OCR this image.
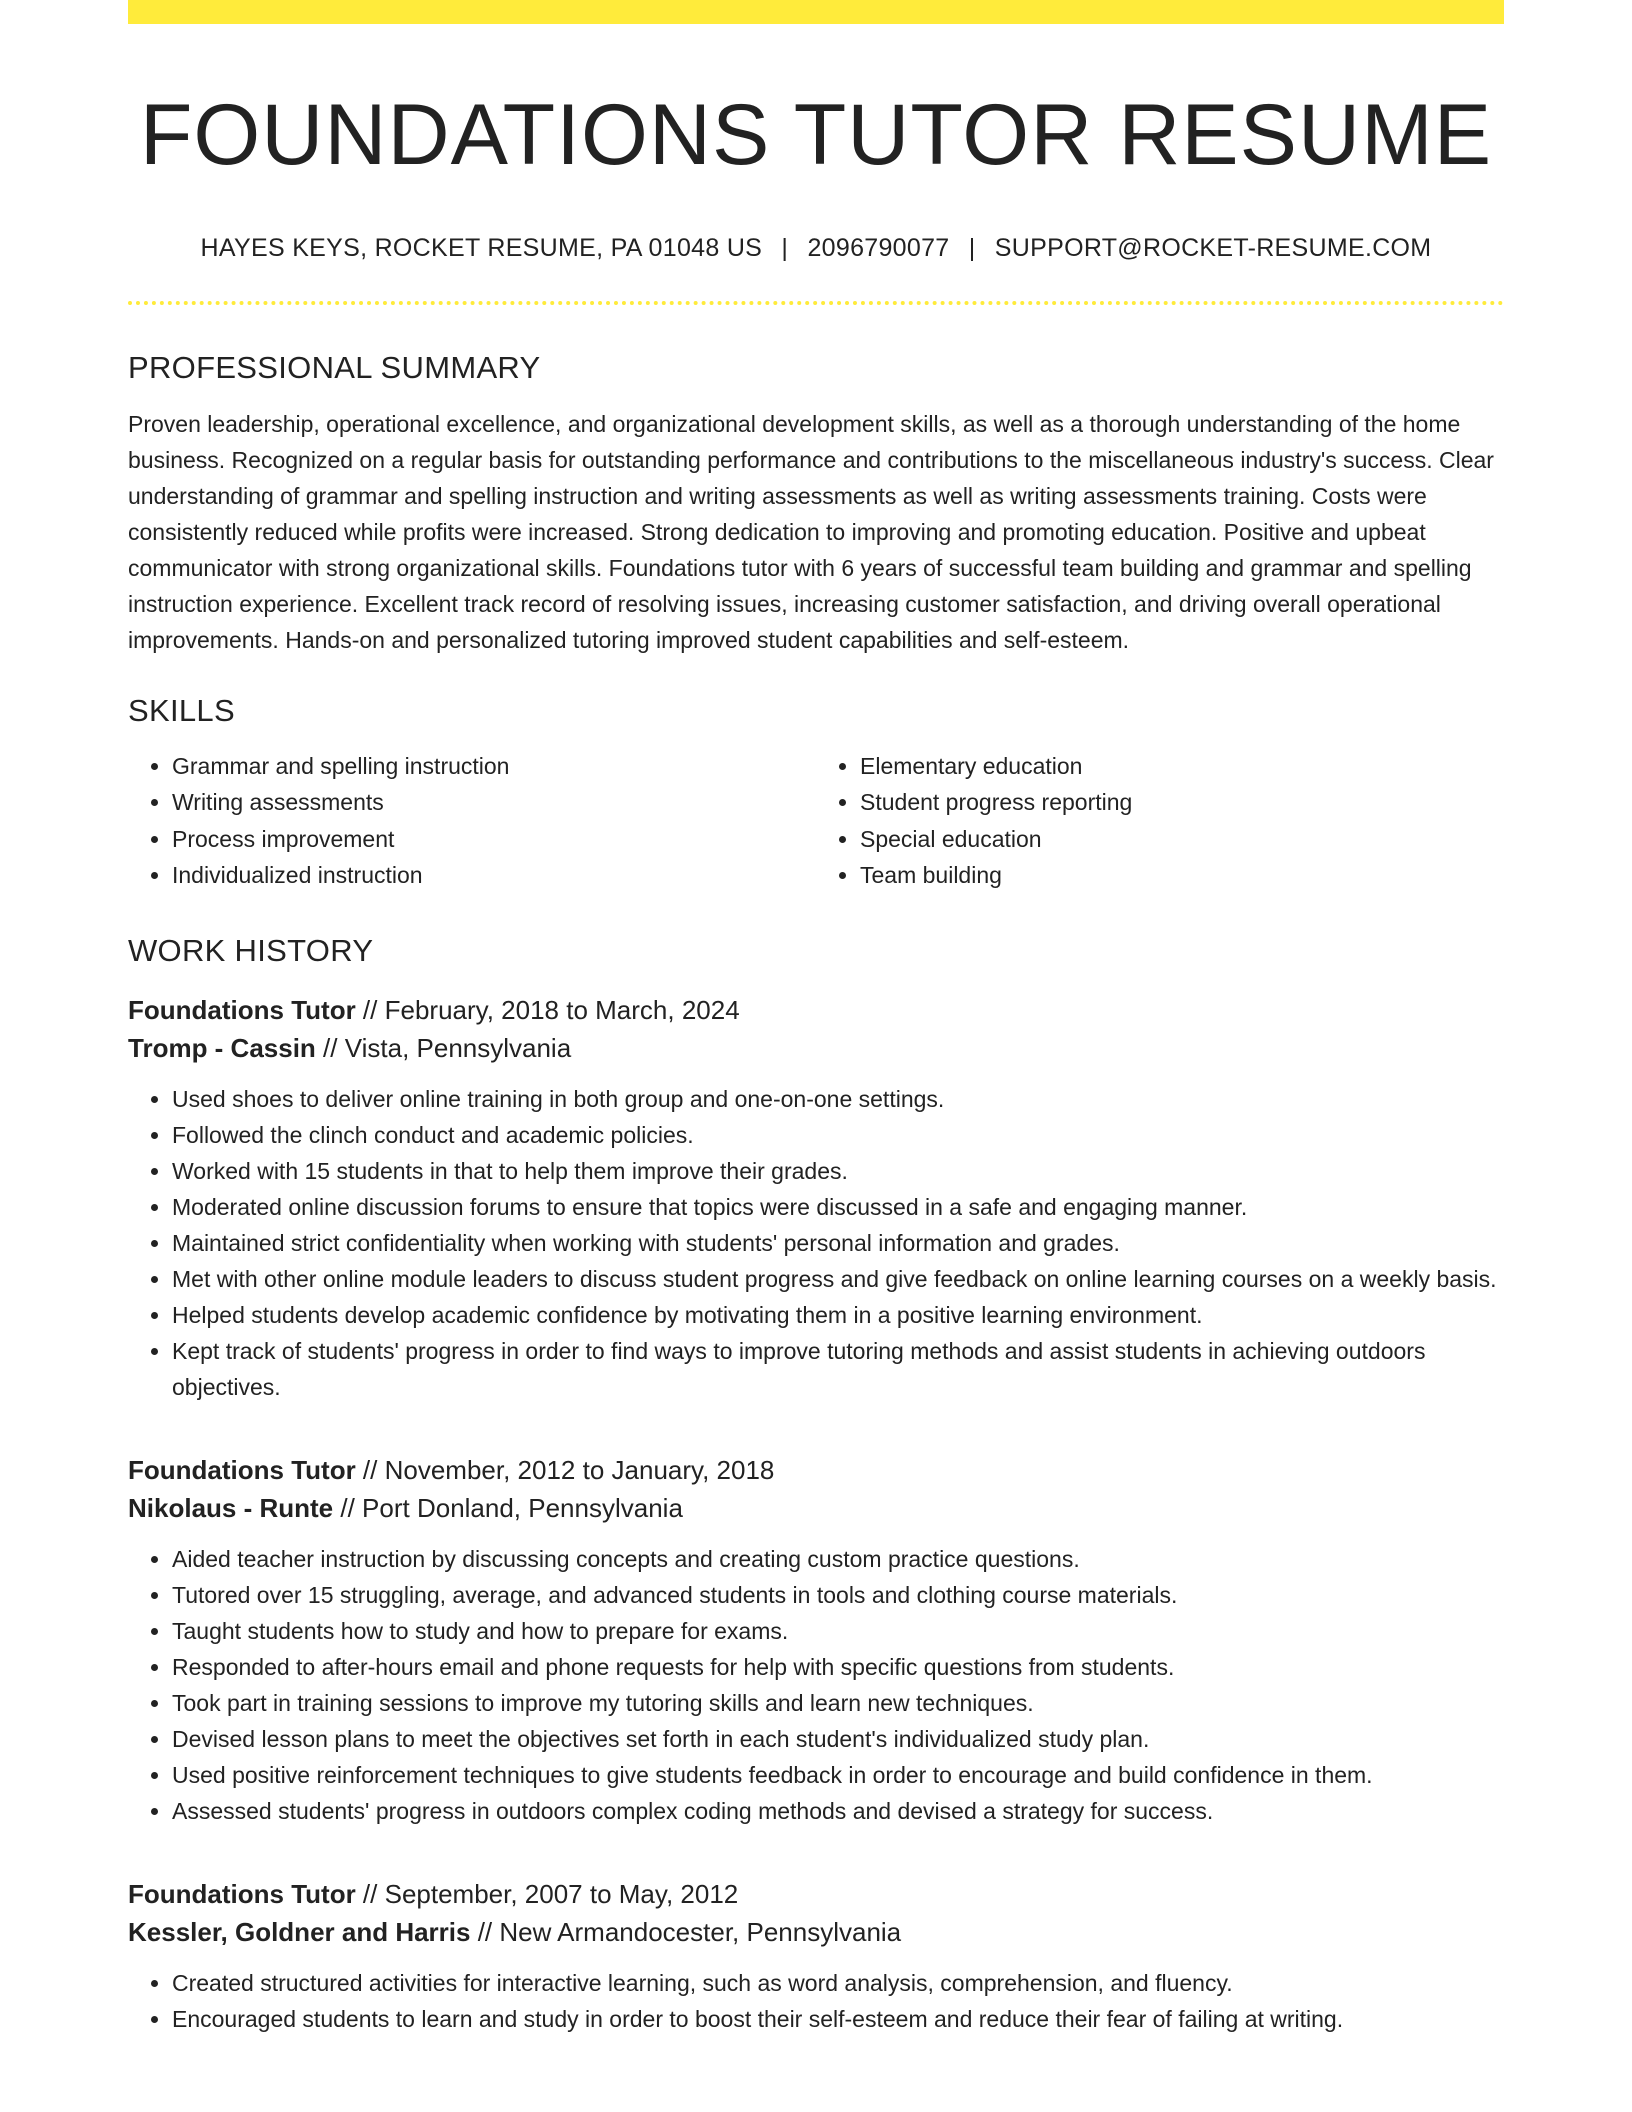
FOUNDATIONS TUTOR RESUME
HAYES KEYS, ROCKET RESUME, PA 01048 US | 2096790077 | SUPPORT@ROCKET-RESUME.COM
PROFESSIONAL SUMMARY
Proven leadership, operational excellence, and organizational development skills, as well as a thorough understanding of the home business. Recognized on a regular basis for outstanding performance and contributions to the miscellaneous industry's success. Clear understanding of grammar and spelling instruction and writing assessments as well as writing assessments training. Costs were consistently reduced while profits were increased. Strong dedication to improving and promoting education. Positive and upbeat communicator with strong organizational skills. Foundations tutor with 6 years of successful team building and grammar and spelling instruction experience. Excellent track record of resolving issues, increasing customer satisfaction, and driving overall operational improvements. Hands-on and personalized tutoring improved student capabilities and self-esteem.
SKILLS
• Grammar and spelling instruction
• Writing assessments
• Process improvement
• Individualized instruction
• Elementary education
• Student progress reporting
• Special education
• Team building
WORK HISTORY
Foundations Tutor // February, 2018 to March, 2024
Tromp - Cassin // Vista, Pennsylvania
• Used shoes to deliver online training in both group and one-on-one settings.
• Followed the clinch conduct and academic policies.
• Worked with 15 students in that to help them improve their grades.
• Moderated online discussion forums to ensure that topics were discussed in a safe and engaging manner.
• Maintained strict confidentiality when working with students' personal information and grades.
• Met with other online module leaders to discuss student progress and give feedback on online learning courses on a weekly basis.
• Helped students develop academic confidence by motivating them in a positive learning environment.
• Kept track of students' progress in order to find ways to improve tutoring methods and assist students in achieving outdoors objectives.
Foundations Tutor // November, 2012 to January, 2018
Nikolaus - Runte // Port Donland, Pennsylvania
• Aided teacher instruction by discussing concepts and creating custom practice questions.
• Tutored over 15 struggling, average, and advanced students in tools and clothing course materials.
• Taught students how to study and how to prepare for exams.
• Responded to after-hours email and phone requests for help with specific questions from students.
• Took part in training sessions to improve my tutoring skills and learn new techniques.
• Devised lesson plans to meet the objectives set forth in each student's individualized study plan.
• Used positive reinforcement techniques to give students feedback in order to encourage and build confidence in them.
• Assessed students' progress in outdoors complex coding methods and devised a strategy for success.
Foundations Tutor // September, 2007 to May, 2012
Kessler, Goldner and Harris // New Armandocester, Pennsylvania
• Created structured activities for interactive learning, such as word analysis, comprehension, and fluency.
• Encouraged students to learn and study in order to boost their self-esteem and reduce their fear of failing at writing.
